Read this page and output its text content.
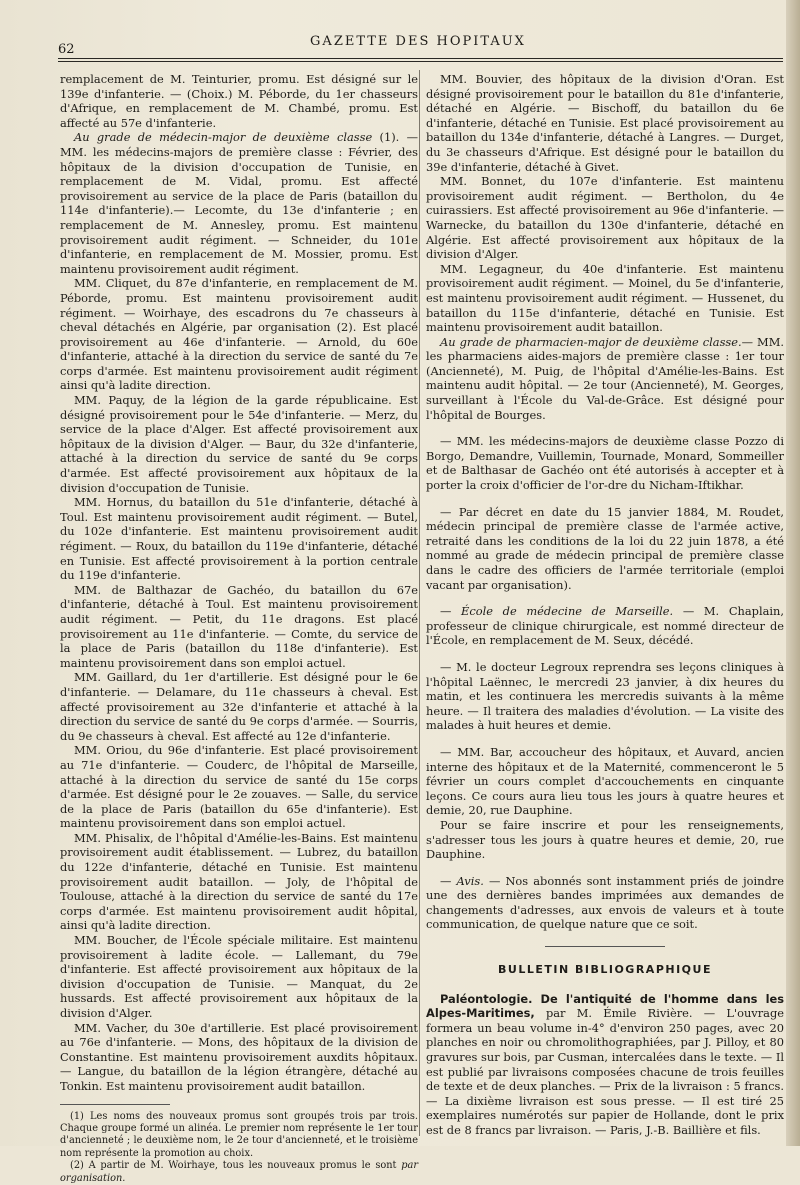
62
GAZETTE DES HOPITAUX

remplacement de M. Teinturier, promu. Est désigné sur le 139e d'infanterie. — (Choix.) M. Péborde, du 1er chasseurs d'Afrique, en remplacement de M. Chambé, promu. Est affecté au 57e d'infanterie.

Au grade de médecin-major de deuxième classe (1). — MM. les médecins-majors de première classe : Février, des hôpitaux de la division d'occupation de Tunisie, en remplacement de M. Vidal, promu. Est affecté provisoirement au service de la place de Paris (bataillon du 114e d'infanterie).— Lecomte, du 13e d'infanterie ; en remplacement de M. Annesley, promu. Est maintenu provisoirement audit régiment. — Schneider, du 101e d'infanterie, en remplacement de M. Mossier, promu. Est maintenu provisoirement audit régiment.

MM. Cliquet, du 87e d'infanterie, en remplacement de M. Péborde, promu. Est maintenu provisoirement audit régiment. — Woirhaye, des escadrons du 7e chasseurs à cheval détachés en Algérie, par organisation (2). Est placé provisoirement au 46e d'infanterie. — Arnold, du 60e d'infanterie, attaché à la direction du service de santé du 7e corps d'armée. Est maintenu provisoirement audit régiment ainsi qu'à ladite direction.

MM. Paquy, de la légion de la garde républicaine. Est désigné provisoirement pour le 54e d'infanterie. — Merz, du service de la place d'Alger. Est affecté provisoirement aux hôpitaux de la division d'Alger. — Baur, du 32e d'infanterie, attaché à la direction du service de santé du 9e corps d'armée. Est affecté provisoirement aux hôpitaux de la division d'occupation de Tunisie.

MM. Hornus, du bataillon du 51e d'infanterie, détaché à Toul. Est maintenu provisoirement audit régiment. — Butel, du 102e d'infanterie. Est maintenu provisoirement audit régiment. — Roux, du bataillon du 119e d'infanterie, détaché en Tunisie. Est affecté provisoirement à la portion centrale du 119e d'infanterie.

MM. de Balthazar de Gachéo, du bataillon du 67e d'infanterie, détaché à Toul. Est maintenu provisoirement audit régiment. — Petit, du 11e dragons. Est placé provisoirement au 11e d'infanterie. — Comte, du service de la place de Paris (bataillon du 118e d'infanterie). Est maintenu provisoirement dans son emploi actuel.

MM. Gaillard, du 1er d'artillerie. Est désigné pour le 6e d'infanterie. — Delamare, du 11e chasseurs à cheval. Est affecté provisoirement au 32e d'infanterie et attaché à la direction du service de santé du 9e corps d'armée. — Sourris, du 9e chasseurs à cheval. Est affecté au 12e d'infanterie.

MM. Oriou, du 96e d'infanterie. Est placé provisoirement au 71e d'infanterie. — Couderc, de l'hôpital de Marseille, attaché à la direction du service de santé du 15e corps d'armée. Est désigné pour le 2e zouaves. — Salle, du service de la place de Paris (bataillon du 65e d'infanterie). Est maintenu provisoirement dans son emploi actuel.

MM. Phisalix, de l'hôpital d'Amélie-les-Bains. Est maintenu provisoirement audit établissement. — Lubrez, du bataillon du 122e d'infanterie, détaché en Tunisie. Est maintenu provisoirement audit bataillon. — Joly, de l'hôpital de Toulouse, attaché à la direction du service de santé du 17e corps d'armée. Est maintenu provisoirement audit hôpital, ainsi qu'à ladite direction.

MM. Boucher, de l'École spéciale militaire. Est maintenu provisoirement à ladite école. — Lallemant, du 79e d'infanterie. Est affecté provisoirement aux hôpitaux de la division d'occupation de Tunisie. — Manquat, du 2e hussards. Est affecté provisoirement aux hôpitaux de la division d'Alger.

MM. Vacher, du 30e d'artillerie. Est placé provisoirement au 76e d'infanterie. — Mons, des hôpitaux de la division de Constantine. Est maintenu provisoirement auxdits hôpitaux. — Langue, du bataillon de la légion étrangère, détaché au Tonkin. Est maintenu provisoirement audit bataillon.

(1) Les noms des nouveaux promus sont groupés trois par trois. Chaque groupe formé un alinéa. Le premier nom représente le 1er tour d'ancienneté ; le deuxième nom, le 2e tour d'ancienneté, et le troisième nom représente la promotion au choix.

(2) A partir de M. Woirhaye, tous les nouveaux promus le sont par organisation.

MM. Bouvier, des hôpitaux de la division d'Oran. Est désigné provisoirement pour le bataillon du 81e d'infanterie, détaché en Algérie. — Bischoff, du bataillon du 6e d'infanterie, détaché en Tunisie. Est placé provisoirement au bataillon du 134e d'infanterie, détaché à Langres. — Durget, du 3e chasseurs d'Afrique. Est désigné pour le bataillon du 39e d'infanterie, détaché à Givet.

MM. Bonnet, du 107e d'infanterie. Est maintenu provisoirement audit régiment. — Bertholon, du 4e cuirassiers. Est affecté provisoirement au 96e d'infanterie. — Warnecke, du bataillon du 130e d'infanterie, détaché en Algérie. Est affecté provisoirement aux hôpitaux de la division d'Alger.

MM. Legagneur, du 40e d'infanterie. Est maintenu provisoirement audit régiment. — Moinel, du 5e d'infanterie, est maintenu provisoirement audit régiment. — Hussenet, du bataillon du 115e d'infanterie, détaché en Tunisie. Est maintenu provisoirement audit bataillon.

Au grade de pharmacien-major de deuxième classe.— MM. les pharmaciens aides-majors de première classe : 1er tour (Ancienneté), M. Puig, de l'hôpital d'Amélie-les-Bains. Est maintenu audit hôpital. — 2e tour (Ancienneté), M. Georges, surveillant à l'École du Val-de-Grâce. Est désigné pour l'hôpital de Bourges.

— MM. les médecins-majors de deuxième classe Pozzo di Borgo, Demandre, Vuillemin, Tournade, Monard, Sommeiller et de Balthasar de Gachéo ont été autorisés à accepter et à porter la croix d'officier de l'or-dre du Nicham-Iftikhar.

— Par décret en date du 15 janvier 1884, M. Roudet, médecin principal de première classe de l'armée active, retraité dans les conditions de la loi du 22 juin 1878, a été nommé au grade de médecin principal de première classe dans le cadre des officiers de l'armée territoriale (emploi vacant par organisation).

— École de médecine de Marseille. — M. Chaplain, professeur de clinique chirurgicale, est nommé directeur de l'École, en remplacement de M. Seux, décédé.

— M. le docteur Legroux reprendra ses leçons cliniques à l'hôpital Laënnec, le mercredi 23 janvier, à dix heures du matin, et les continuera les mercredis suivants à la même heure. — Il traitera des maladies d'évolution. — La visite des malades à huit heures et demie.

— MM. Bar, accoucheur des hôpitaux, et Auvard, ancien interne des hôpitaux et de la Maternité, commenceront le 5 février un cours complet d'accouchements en cinquante leçons. Ce cours aura lieu tous les jours à quatre heures et demie, 20, rue Dauphine.

Pour se faire inscrire et pour les renseignements, s'adresser tous les jours à quatre heures et demie, 20, rue Dauphine.

— Avis. — Nos abonnés sont instamment priés de joindre une des dernières bandes imprimées aux demandes de changements d'adresses, aux envois de valeurs et à toute communication, de quelque nature que ce soit.

BULLETIN BIBLIOGRAPHIQUE

Paléontologie. De l'antiquité de l'homme dans les Alpes-Maritimes, par M. Émile Rivière. — L'ouvrage formera un beau volume in-4° d'environ 250 pages, avec 20 planches en noir ou chromolithographiées, par J. Pilloy, et 80 gravures sur bois, par Cusman, intercalées dans le texte. — Il est publié par livraisons composées chacune de trois feuilles de texte et de deux planches. — Prix de la livraison : 5 francs. — La dixième livraison est sous presse. — Il est tiré 25 exemplaires numérotés sur papier de Hollande, dont le prix est de 8 francs par livraison. — Paris, J.-B. Baillière et fils.
